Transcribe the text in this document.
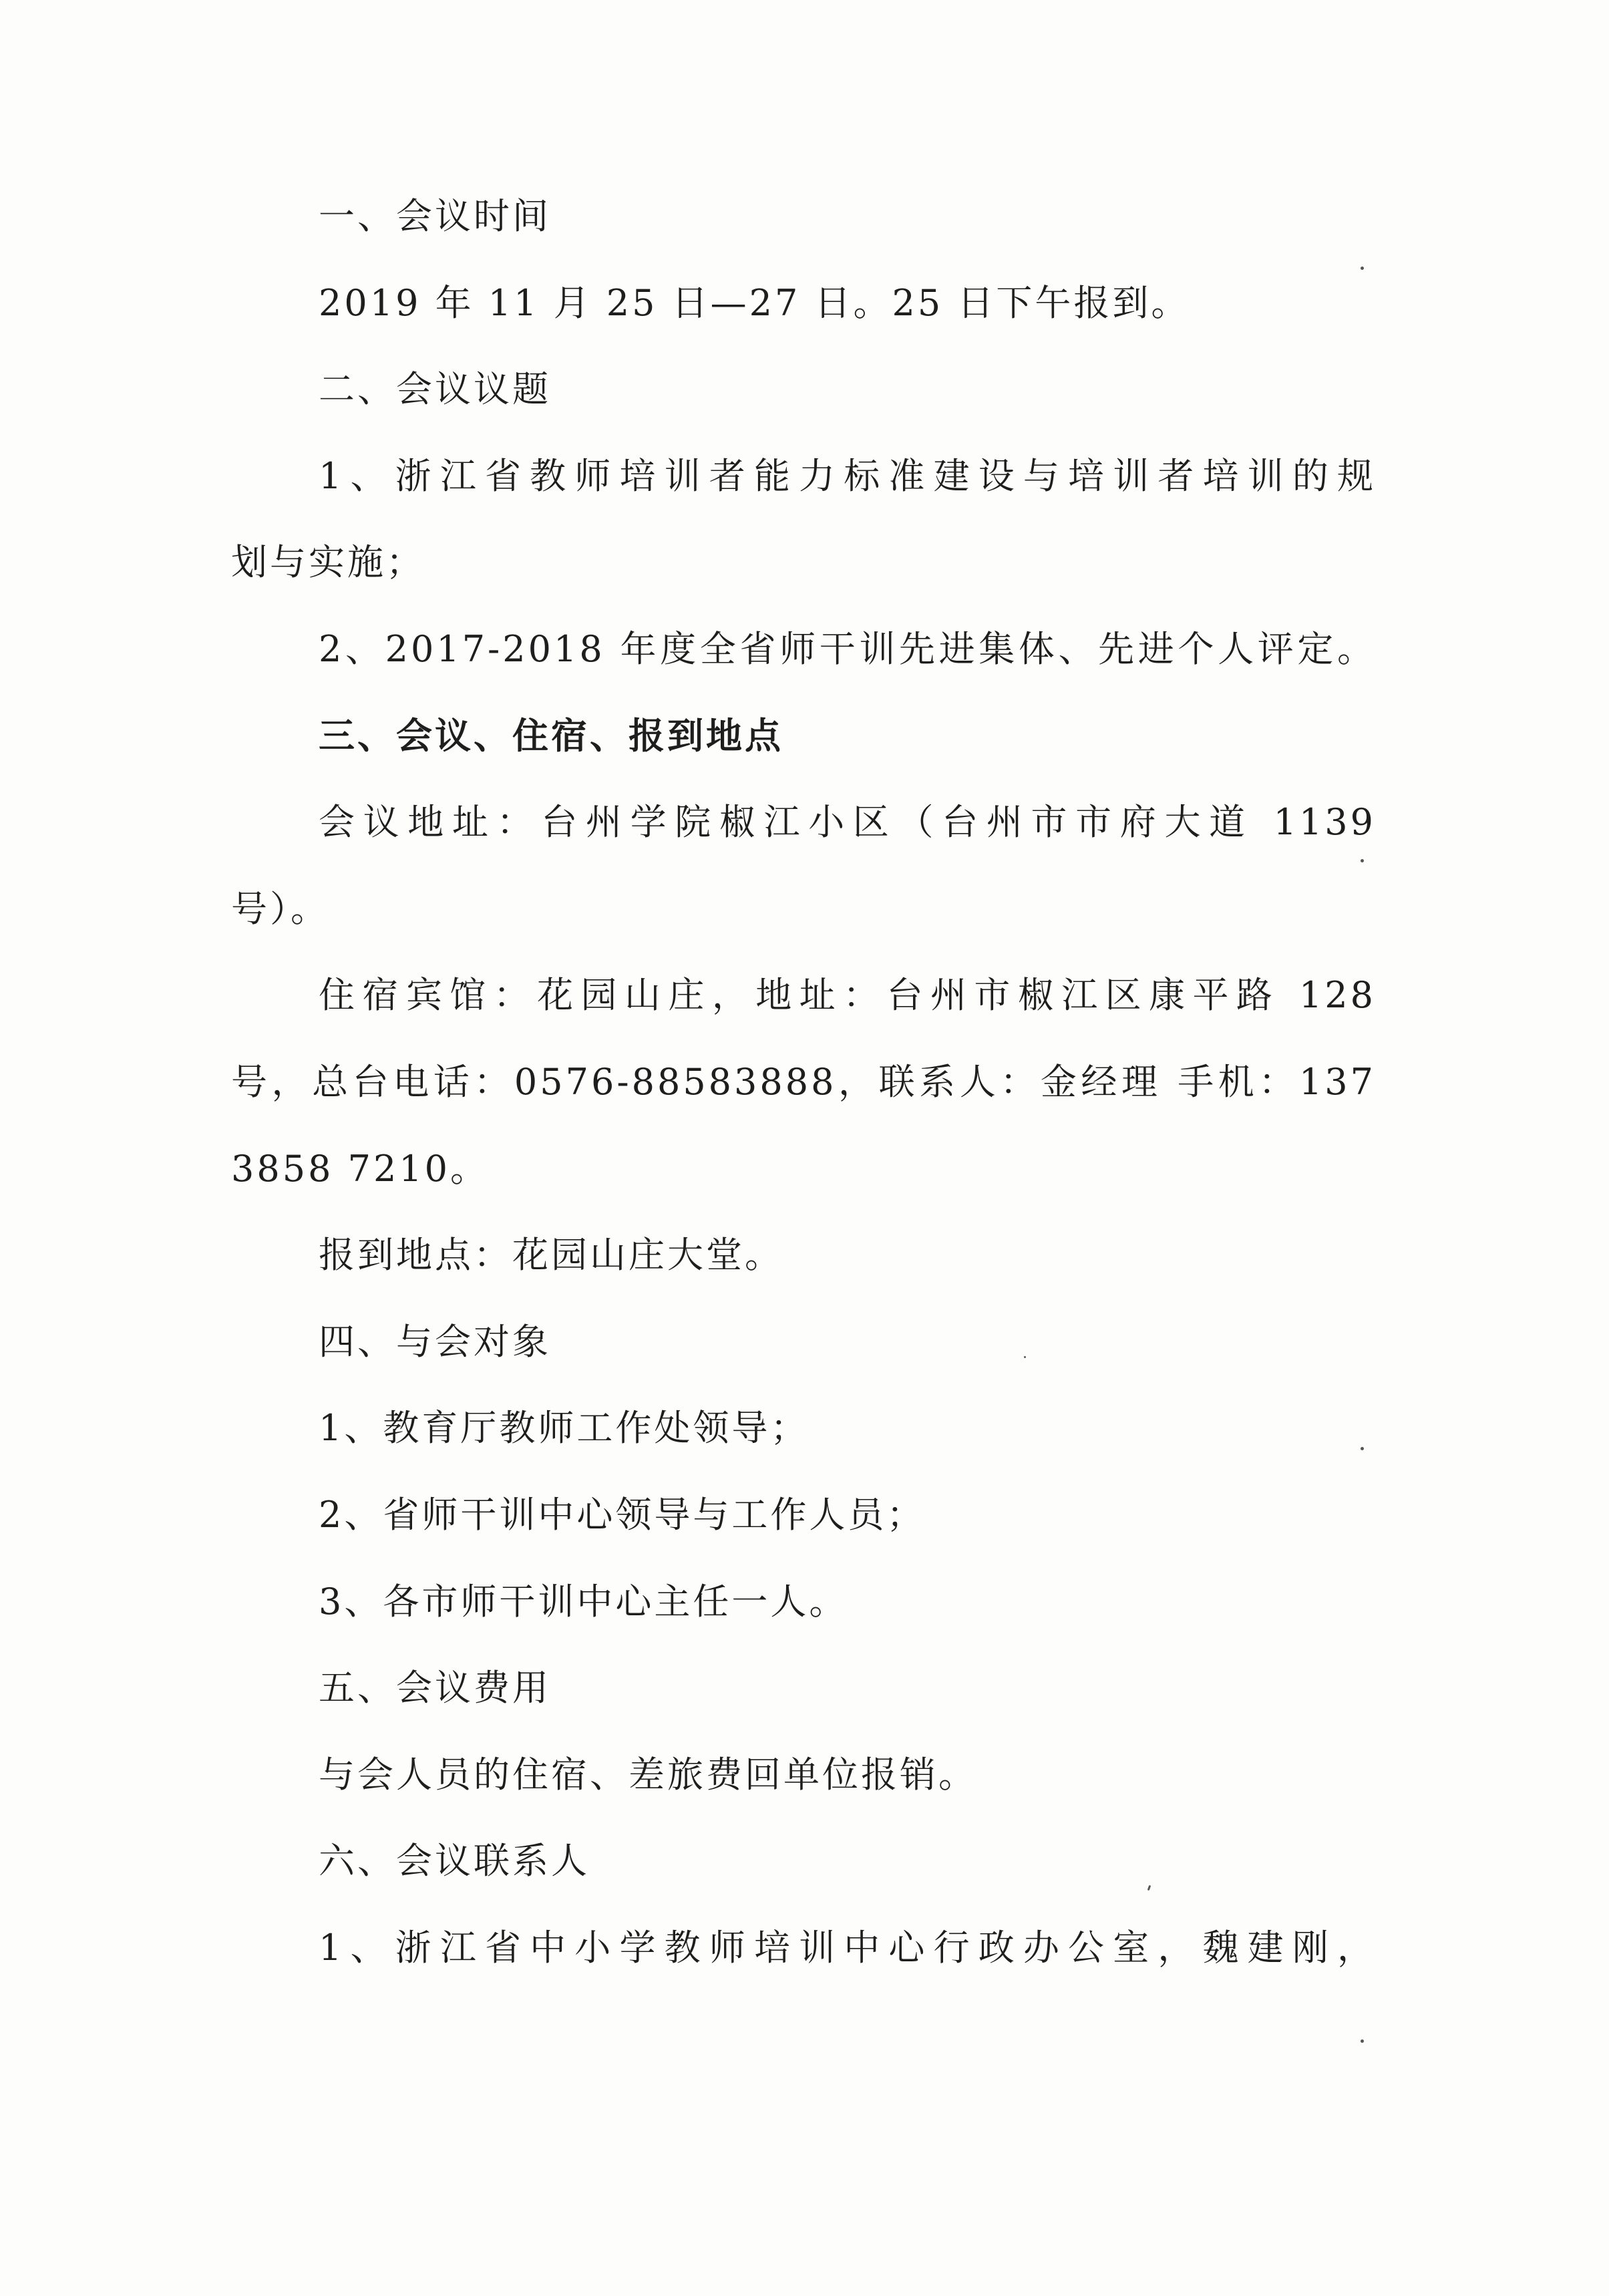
一、会议时间
2019 年 11 月 25 日—27 日。25 日下午报到。
二、会议议题
1、浙江省教师培训者能力标准建设与培训者培训的规
划与实施；
2、2017-2018 年度全省师干训先进集体、先进个人评定。
三、会议、住宿、报到地点
会议地址：台州学院椒江小区（台州市市府大道 1139
号）。
住宿宾馆：花园山庄，地址：台州市椒江区康平路 128
号，总台电话：0576-88583888，联系人：金经理 手机：137
3858 7210。
报到地点：花园山庄大堂。
四、与会对象
1、教育厅教师工作处领导；
2、省师干训中心领导与工作人员；
3、各市师干训中心主任一人。
五、会议费用
与会人员的住宿、差旅费回单位报销。
六、会议联系人
1、浙江省中小学教师培训中心行政办公室，魏建刚，
